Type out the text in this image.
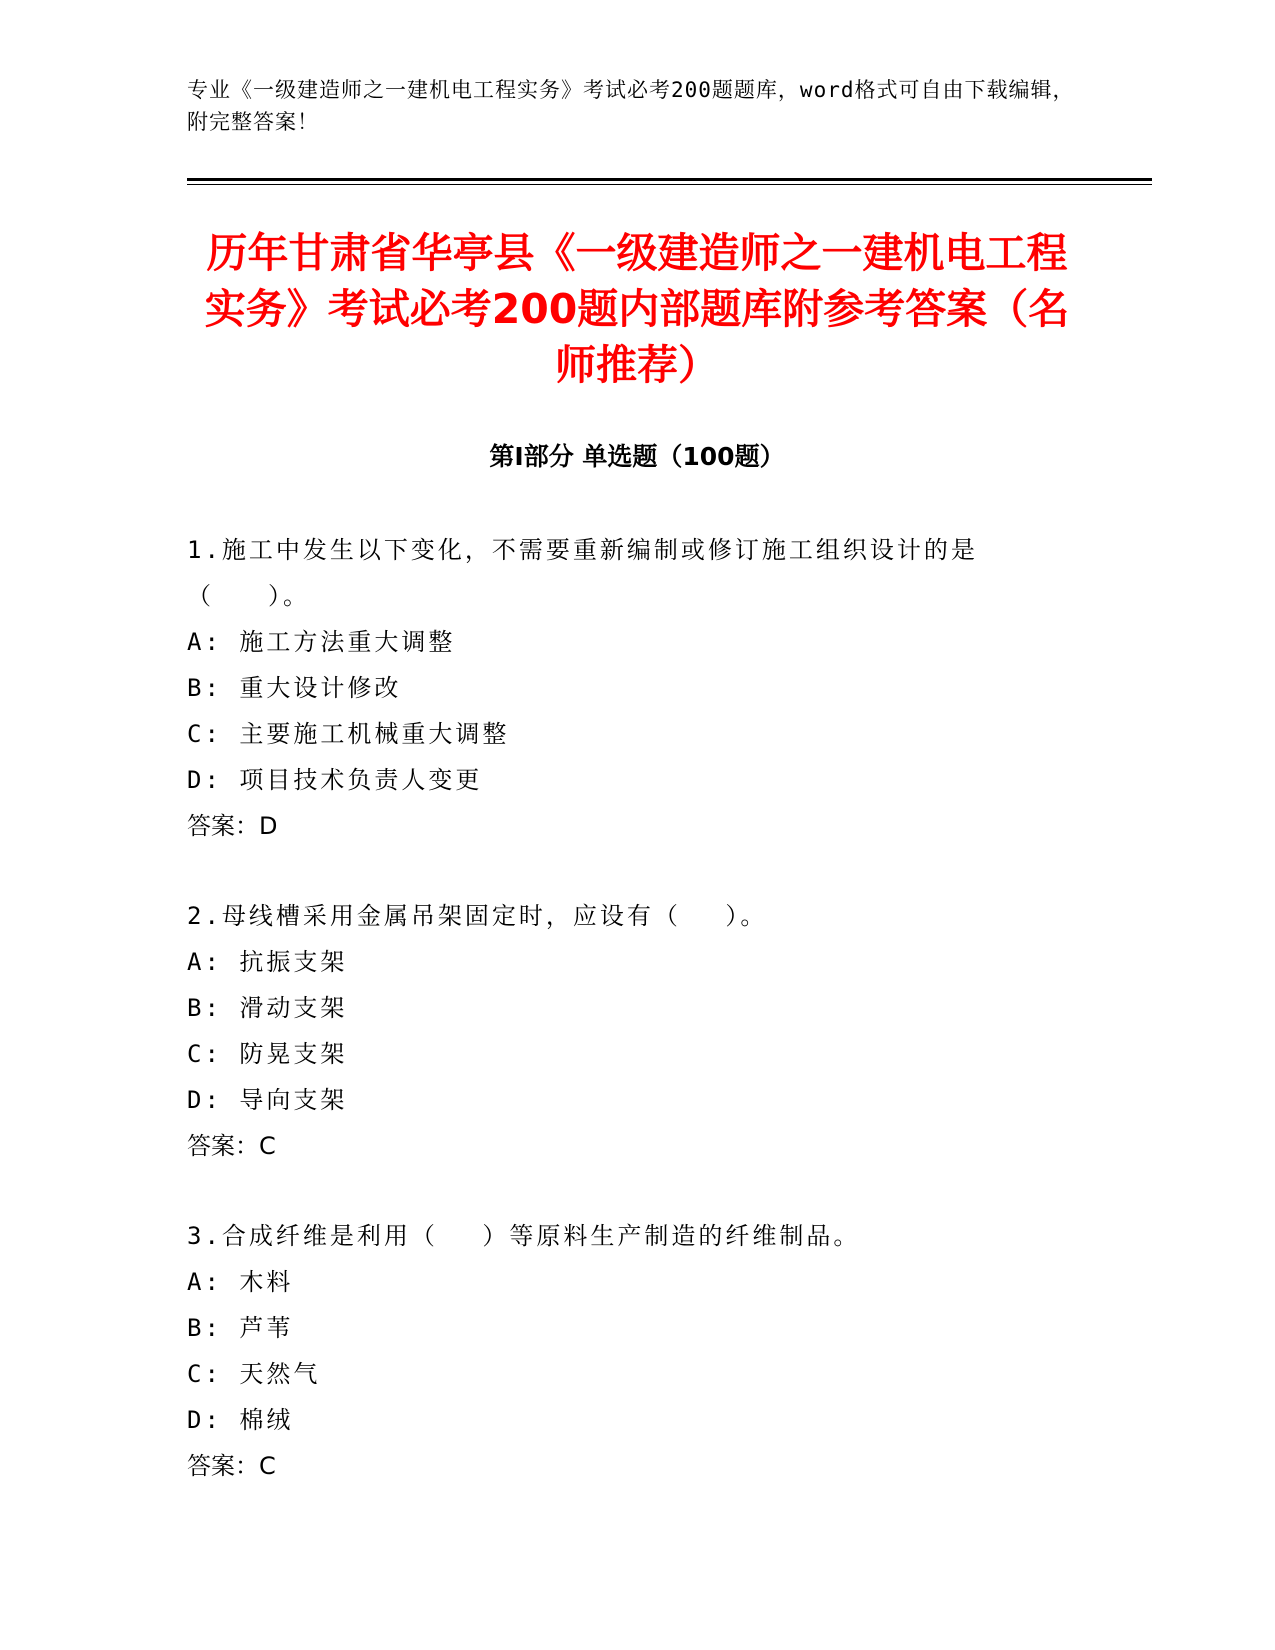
专业《一级建造师之一建机电工程实务》考试必考200题题库，word格式可自由下载编辑，附完整答案！
历年甘肃省华亭县《一级建造师之一建机电工程实务》考试必考200题内部题库附参考答案（名师推荐）
第Ⅰ部分 单选题（100题）
1.施工中发生以下变化，不需要重新编制或修订施工组织设计的是（　　）。
A: 施工方法重大调整
B: 重大设计修改
C: 主要施工机械重大调整
D: 项目技术负责人变更
答案：D
2.母线槽采用金属吊架固定时，应设有（　 ）。
A: 抗振支架
B: 滑动支架
C: 防晃支架
D: 导向支架
答案：C
3.合成纤维是利用（　 ）等原料生产制造的纤维制品。
A: 木料
B: 芦苇
C: 天然气
D: 棉绒
答案：C
